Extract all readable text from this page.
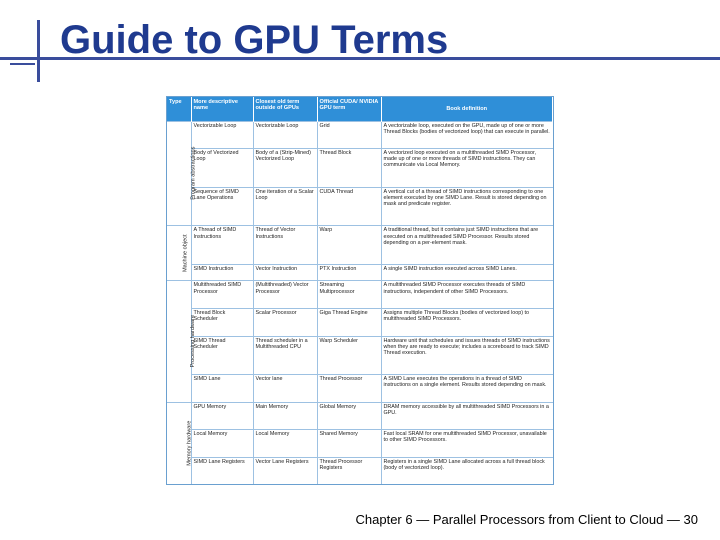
Guide to GPU Terms
Type	More descriptive name	Closest old term outside of GPUs	Official CUDA/ NVIDIA GPU term	Book definition
Program abstractions	Vectorizable Loop	Vectorizable Loop	Grid	A vectorizable loop, executed on the GPU, made up of one or more Thread Blocks (bodies of vectorized loop) that can execute in parallel.
	Body of Vectorized Loop	Body of a (Strip-Mined) Vectorized Loop	Thread Block	A vectorized loop executed on a multithreaded SIMD Processor, made up of one or more threads of SIMD instructions. They can communicate via Local Memory.
	Sequence of SIMD Lane Operations	One iteration of a Scalar Loop	CUDA Thread	A vertical cut of a thread of SIMD instructions corresponding to one element executed by one SIMD Lane. Result is stored depending on mask and predicate register.
Machine object	A Thread of SIMD Instructions	Thread of Vector Instructions	Warp	A traditional thread, but it contains just SIMD instructions that are executed on a multithreaded SIMD Processor. Results stored depending on a per-element mask.
	SIMD Instruction	Vector Instruction	PTX Instruction	A single SIMD instruction executed across SIMD Lanes.
Processing hardware	Multithreaded SIMD Processor	(Multithreaded) Vector Processor	Streaming Multiprocessor	A multithreaded SIMD Processor executes threads of SIMD instructions, independent of other SIMD Processors.
	Thread Block Scheduler	Scalar Processor	Giga Thread Engine	Assigns multiple Thread Blocks (bodies of vectorized loop) to multithreaded SIMD Processors.
	SIMD Thread Scheduler	Thread scheduler in a Multithreaded CPU	Warp Scheduler	Hardware unit that schedules and issues threads of SIMD instructions when they are ready to execute; includes a scoreboard to track SIMD Thread execution.
	SIMD Lane	Vector lane	Thread Processor	A SIMD Lane executes the operations in a thread of SIMD instructions on a single element. Results stored depending on mask.
Memory hardware	GPU Memory	Main Memory	Global Memory	DRAM memory accessible by all multithreaded SIMD Processors in a GPU.
	Local Memory	Local Memory	Shared Memory	Fast local SRAM for one multithreaded SIMD Processor, unavailable to other SIMD Processors.
	SIMD Lane Registers	Vector Lane Registers	Thread Processor Registers	Registers in a single SIMD Lane allocated across a full thread block (body of vectorized loop).
Chapter 6 — Parallel Processors from Client to Cloud — 30
